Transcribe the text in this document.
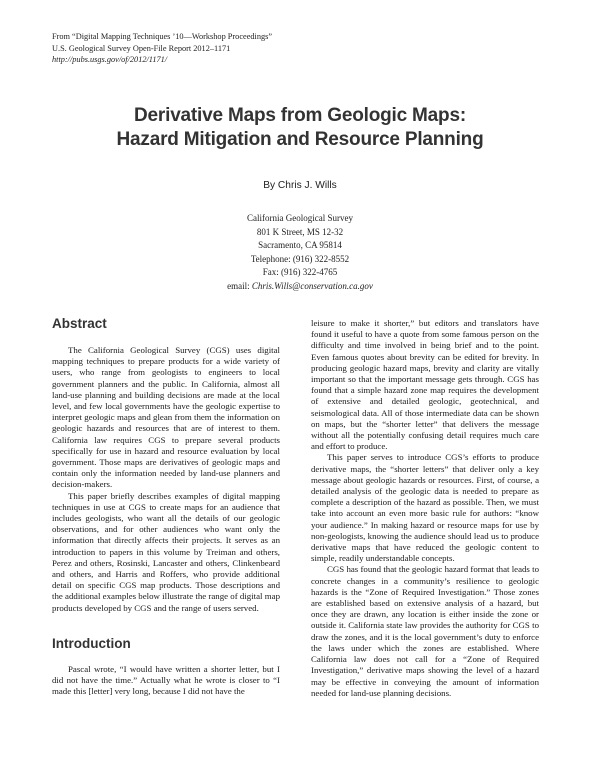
From “Digital Mapping Techniques ’10—Workshop Proceedings”
U.S. Geological Survey Open-File Report 2012–1171
http://pubs.usgs.gov/of/2012/1171/
Derivative Maps from Geologic Maps:
Hazard Mitigation and Resource Planning
By Chris J. Wills
California Geological Survey
801 K Street, MS 12-32
Sacramento, CA 95814
Telephone: (916) 322-8552
Fax: (916) 322-4765
email: Chris.Wills@conservation.ca.gov
Abstract

The California Geological Survey (CGS) uses digital mapping techniques to prepare products for a wide variety of users, who range from geologists to engineers to local government planners and the public. In California, almost all land-use planning and building decisions are made at the local level, and few local governments have the geologic expertise to interpret geologic maps and glean from them the information on geologic hazards and resources that are of interest to them. California law requires CGS to prepare several products specifically for use in hazard and resource evaluation by local government. Those maps are derivatives of geologic maps and contain only the information needed by land-use planners and decision-makers.

This paper briefly describes examples of digital mapping techniques in use at CGS to create maps for an audience that includes geologists, who want all the details of our geologic observations, and for other audiences who want only the information that directly affects their projects. It serves as an introduction to papers in this volume by Treiman and others, Perez and others, Rosinski, Lancaster and others, Clinkenbeard and others, and Harris and Roffers, who provide additional detail on specific CGS map products. Those descriptions and the additional examples below illustrate the range of digital map products developed by CGS and the range of users served.

Introduction

Pascal wrote, “I would have written a shorter letter, but I did not have the time.” Actually what he wrote is closer to “I made this [letter] very long, because I did not have the

leisure to make it shorter,” but editors and translators have found it useful to have a quote from some famous person on the difficulty and time involved in being brief and to the point. Even famous quotes about brevity can be edited for brevity. In producing geologic hazard maps, brevity and clarity are vitally important so that the important message gets through. CGS has found that a simple hazard zone map requires the development of extensive and detailed geologic, geotechnical, and seismological data. All of those intermediate data can be shown on maps, but the “shorter letter” that delivers the message without all the potentially confusing detail requires much care and effort to produce.

This paper serves to introduce CGS’s efforts to produce derivative maps, the “shorter letters” that deliver only a key message about geologic hazards or resources. First, of course, a detailed analysis of the geologic data is needed to prepare as complete a description of the hazard as possible. Then, we must take into account an even more basic rule for authors: “know your audience.” In making hazard or resource maps for use by non-geologists, knowing the audience should lead us to produce derivative maps that have reduced the geologic content to simple, readily understandable concepts.

CGS has found that the geologic hazard format that leads to concrete changes in a community’s resilience to geologic hazards is the “Zone of Required Investigation.” Those zones are established based on extensive analysis of a hazard, but once they are drawn, any location is either inside the zone or outside it. California state law provides the authority for CGS to draw the zones, and it is the local government’s duty to enforce the laws under which the zones are established. Where California law does not call for a “Zone of Required Investigation,” derivative maps showing the level of a hazard may be effective in conveying the amount of information needed for land-use planning decisions.
